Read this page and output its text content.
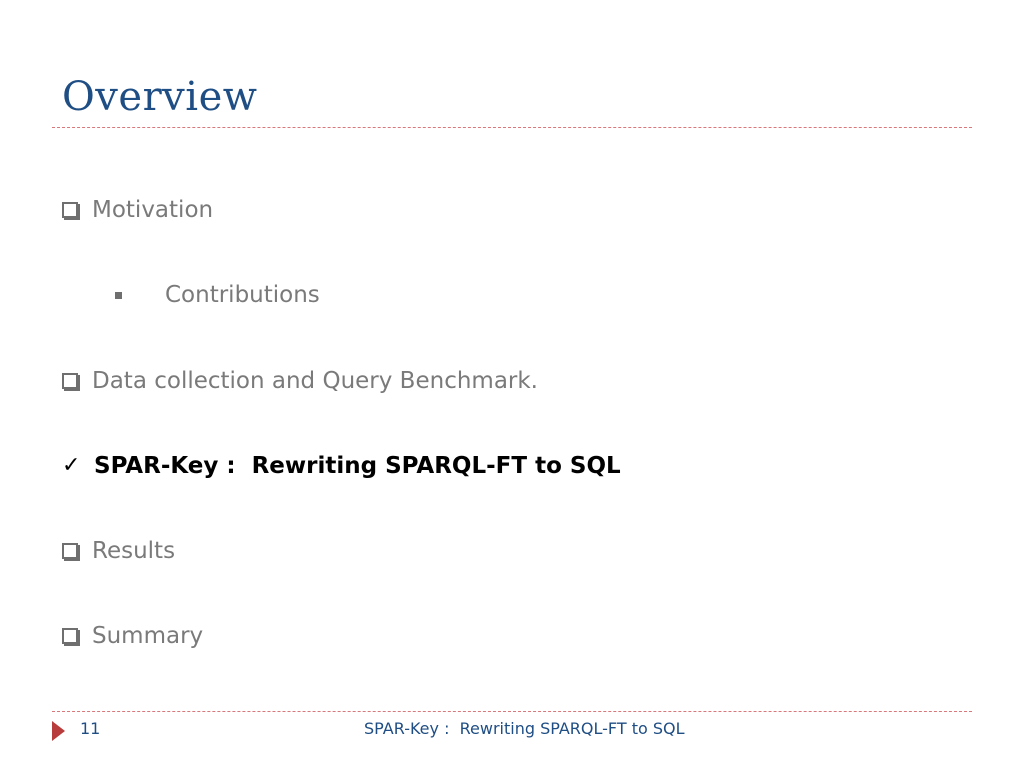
Overview
Motivation
Contributions
Data collection and Query Benchmark.
✓ SPAR-Key :  Rewriting SPARQL-FT to SQL
Results
Summary
11	SPAR-Key :  Rewriting SPARQL-FT to SQL
